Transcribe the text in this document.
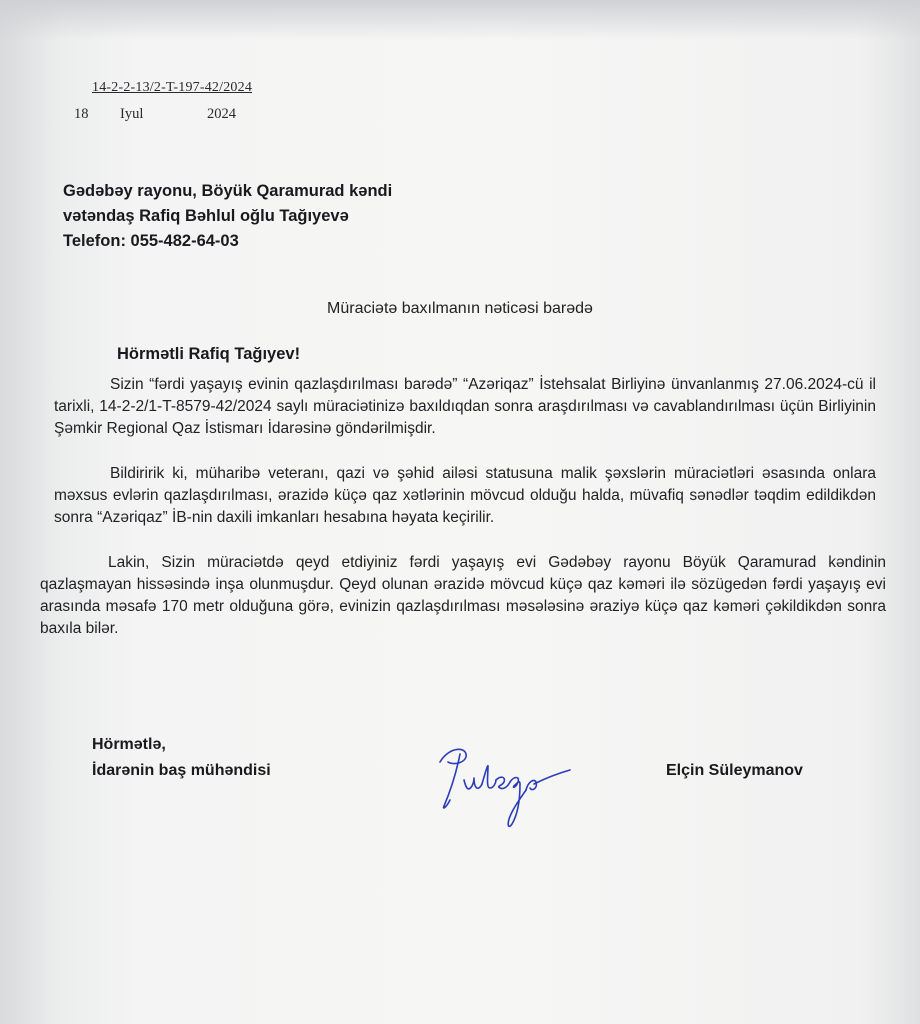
14-2-2-13/2-T-197-42/2024
18 Iyul	2024
Gədəbəy rayonu, Böyük Qaramurad kəndi
vətəndaş Rafiq Bəhlul oğlu Tağıyevə
Telefon: 055-482-64-03
Müraciətə baxılmanın nəticəsi barədə
Hörmətli Rafiq Tağıyev!

Sizin “fərdi yaşayış evinin qazlaşdırılması barədə” “Azəriqaz” İstehsalat Birliyinə ünvanlanmış 27.06.2024-cü il tarixli, 14-2-2/1-T-8579-42/2024 saylı müraciətinizə baxıldıqdan sonra araşdırılması və cavablandırılması üçün Birliyinin Şəmkir Regional Qaz İstismarı İdarəsinə göndərilmişdir.

Bildiririk ki, müharibə veteranı, qazi və şəhid ailəsi statusuna malik şəxslərin müraciətləri əsasında onlara məxsus evlərin qazlaşdırılması, ərazidə küçə qaz xətlərinin mövcud olduğu halda, müvafiq sənədlər təqdim edildikdən sonra “Azəriqaz” İB-nin daxili imkanları hesabına həyata keçirilir.

Lakin, Sizin müraciətdə qeyd etdiyiniz fərdi yaşayış evi Gədəbəy rayonu Böyük Qaramurad kəndinin qazlaşmayan hissəsində inşa olunmuşdur. Qeyd olunan ərazidə mövcud küçə qaz kəməri ilə sözügedən fərdi yaşayış evi arasında məsafə 170 metr olduğuna görə, evinizin qazlaşdırılması məsələsinə əraziyə küçə qaz kəməri çəkildikdən sonra baxıla bilər.

Hörmətlə,
İdarənin baş mühəndisi	Elçin Süleymanov
